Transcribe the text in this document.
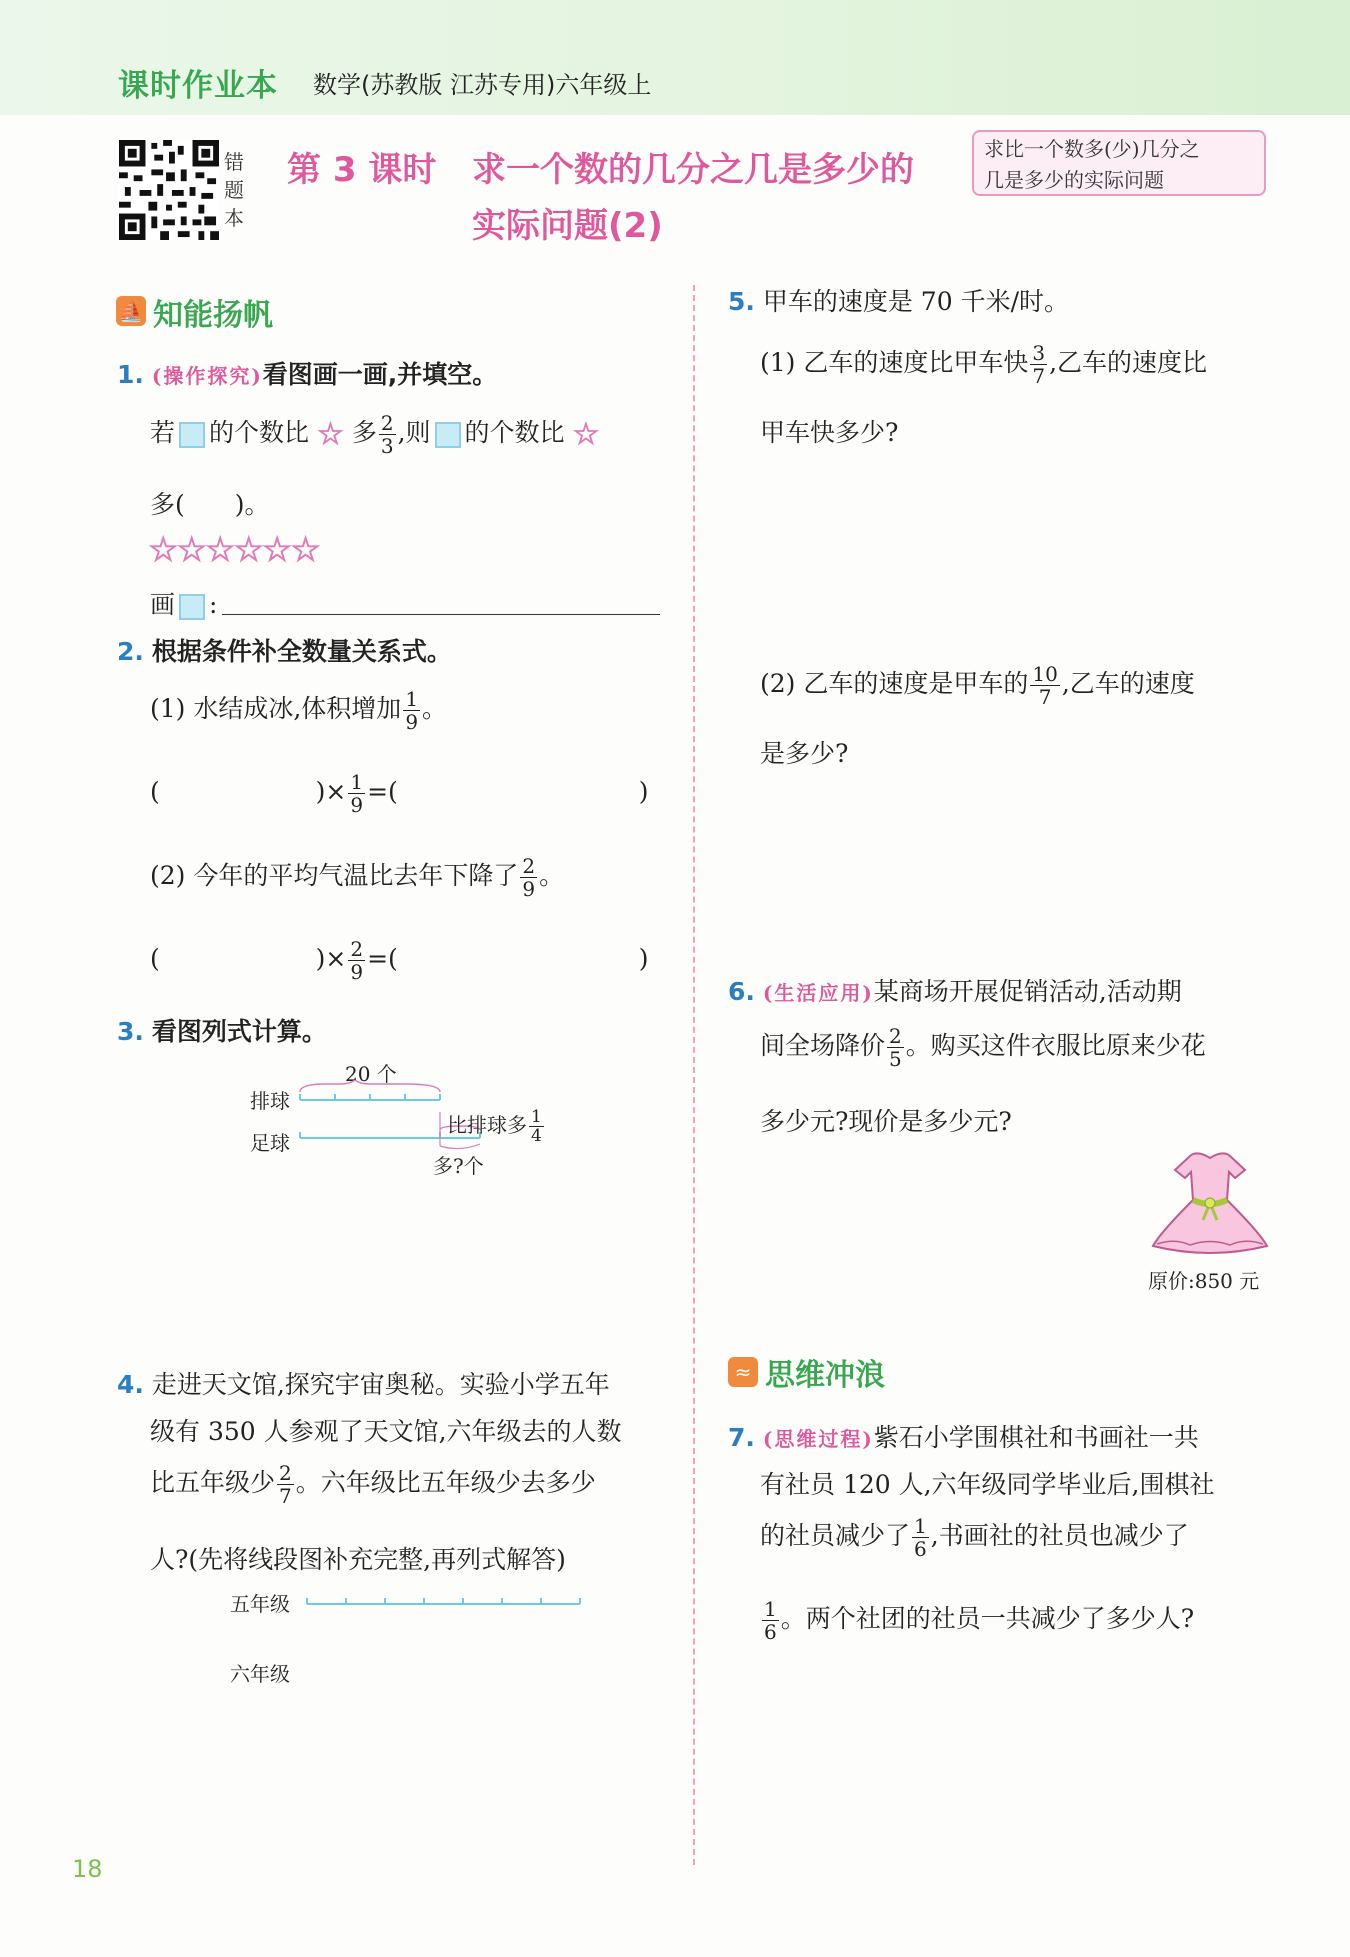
课时作业本 数学(苏教版 江苏专用)六年级上
错题本
第 3 课时 求一个数的几分之几是多少的
实际问题(2)
求比一个数多(少)几分之
几是多少的实际问题
⛵ 知能扬帆
1. (操作探究)看图画一画,并填空。
若 的个数比 ☆ 多 $\frac{2}{3}$ ,则 的个数比 ☆
多(　　)。
☆☆☆☆☆☆
画 :
2. 根据条件补全数量关系式。
(1) 水结成冰,体积增加 $\frac{1}{9}$ 。
(	)× $\frac{1}{9}$ =(	)
(2) 今年的平均气温比去年下降了 $\frac{2}{9}$ 。
(	)× $\frac{2}{9}$ =(	)
3. 看图列式计算。
20 个
排球
足球
比排球多 $\frac{1}{4}$
多?个
4. 走进天文馆,探究宇宙奥秘。实验小学五年
级有 350 人参观了天文馆,六年级去的人数
比五年级少 $\frac{2}{7}$ 。六年级比五年级少去多少
人?(先将线段图补充完整,再列式解答)
五年级
六年级
5. 甲车的速度是 70 千米/时。
(1) 乙车的速度比甲车快 $\frac{3}{7}$ ,乙车的速度比
甲车快多少?
(2) 乙车的速度是甲车的 $\frac{10}{7}$ ,乙车的速度
是多少?
6. (生活应用)某商场开展促销活动,活动期
间全场降价 $\frac{2}{5}$ 。购买这件衣服比原来少花
多少元?现价是多少元?
原价:850 元
≈ 思维冲浪
7. (思维过程)紫石小学围棋社和书画社一共
有社员 120 人,六年级同学毕业后,围棋社
的社员减少了 $\frac{1}{6}$ ,书画社的社员也减少了
$\frac{1}{6}$ 。两个社团的社员一共减少了多少人?
18
